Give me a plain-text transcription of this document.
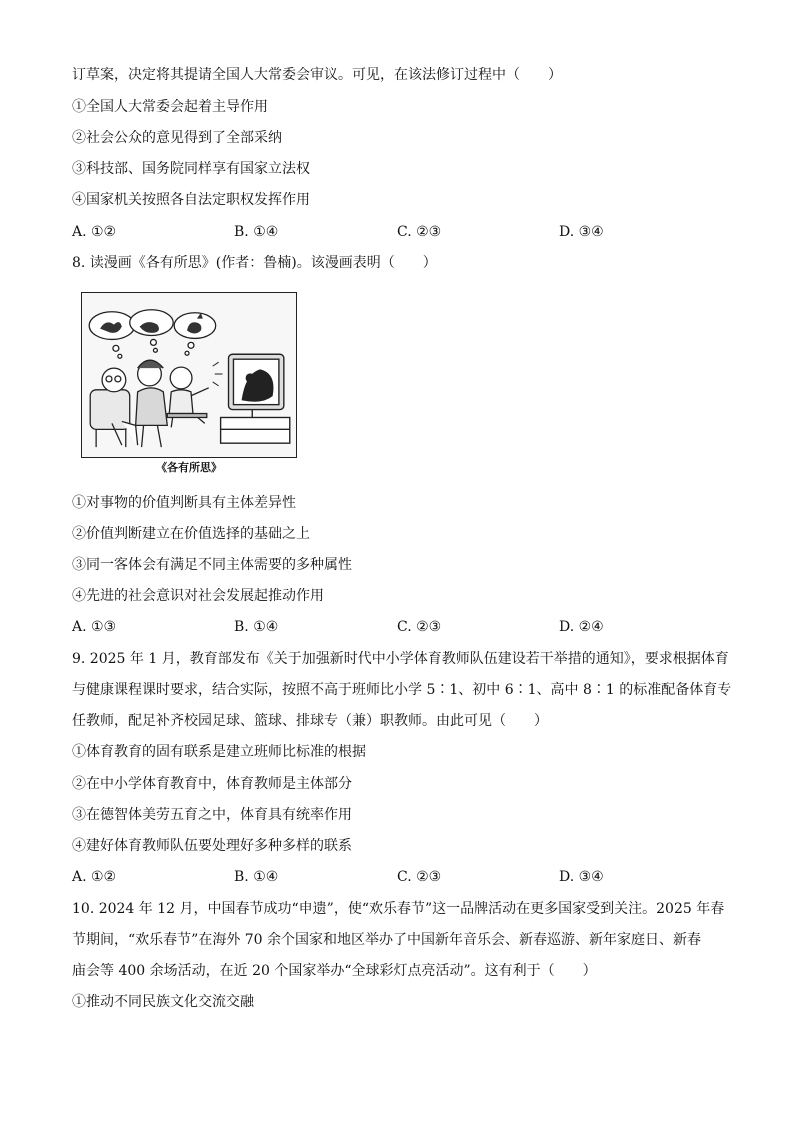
订草案，决定将其提请全国人大常委会审议。可见，在该法修订过程中（　　）
①全国人大常委会起着主导作用
②社会公众的意见得到了全部采纳
③科技部、国务院同样享有国家立法权
④国家机关按照各自法定职权发挥作用
A. ①②	B. ①④	C. ②③	D. ③④
8. 读漫画《各有所思》(作者：鲁楠)。该漫画表明（　　）
《各有所思》
①对事物的价值判断具有主体差异性
②价值判断建立在价值选择的基础之上
③同一客体会有满足不同主体需要的多种属性
④先进的社会意识对社会发展起推动作用
A. ①③	B. ①④	C. ②③	D. ②④
9. 2025 年 1 月，教育部发布《关于加强新时代中小学体育教师队伍建设若干举措的通知》，要求根据体育
与健康课程课时要求，结合实际，按照不高于班师比小学 5∶1、初中 6∶1、高中 8∶1 的标准配备体育专
任教师，配足补齐校园足球、篮球、排球专（兼）职教师。由此可见（　　）
①体育教育的固有联系是建立班师比标准的根据
②在中小学体育教育中，体育教师是主体部分
③在德智体美劳五育之中，体育具有统率作用
④建好体育教师队伍要处理好多种多样的联系
A. ①②	B. ①④	C. ②③	D. ③④
10. 2024 年 12 月，中国春节成功“申遗”，使“欢乐春节”这一品牌活动在更多国家受到关注。2025 年春
节期间，“欢乐春节”在海外 70 余个国家和地区举办了中国新年音乐会、新春巡游、新年家庭日、新春
庙会等 400 余场活动，在近 20 个国家举办“全球彩灯点亮活动”。这有利于（　　）
①推动不同民族文化交流交融
